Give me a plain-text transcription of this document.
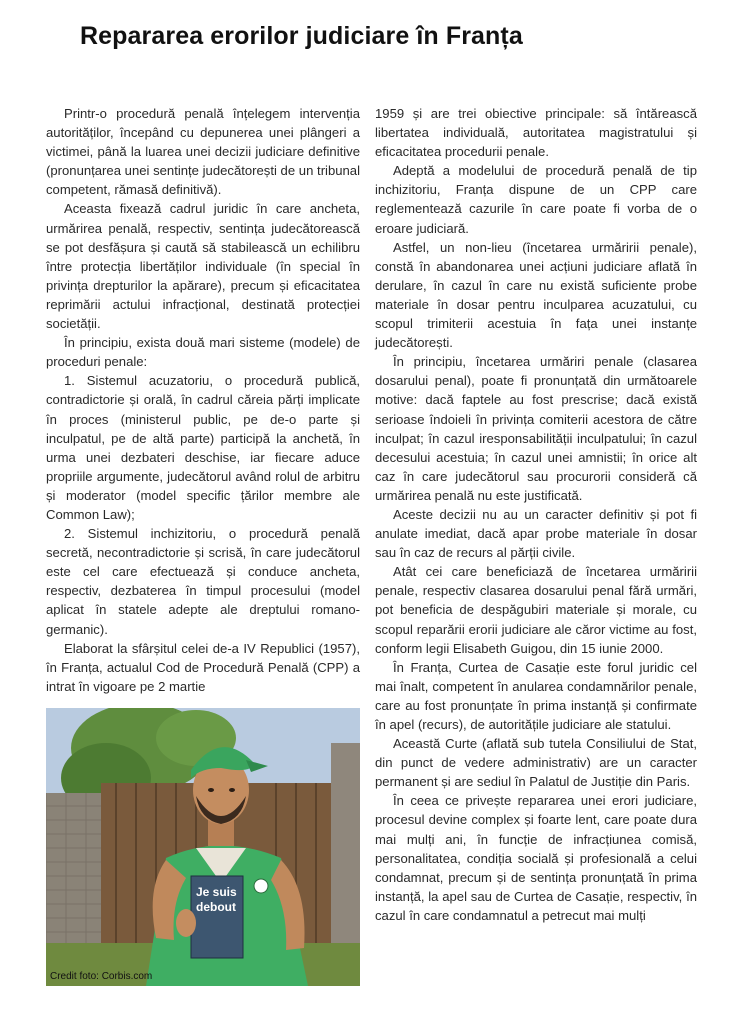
Repararea erorilor judiciare în Franța

Printr-o procedură penală înțelegem intervenția autorităților, începând cu depunerea unei plângeri a victimei, până la luarea unei decizii judiciare definitive (pronunțarea unei sentințe judecătorești de un tribunal competent, rămasă definitivă).

Aceasta fixează cadrul juridic în care ancheta, urmărirea penală, respectiv, sentința judecătorească se pot desfășura și caută să stabilească un echilibru între protecția libertăților individuale (în special în privința drepturilor la apărare), precum și eficacitatea reprimării actului infracțional, destinată protecției societății.

În principiu, exista două mari sisteme (modele) de proceduri penale:

1. Sistemul acuzatoriu, o procedură publică, contradictorie și orală, în cadrul căreia părți implicate în proces (ministerul public, pe de-o parte și inculpatul, pe de altă parte) participă la anchetă, în urma unei dezbateri deschise, iar fiecare aduce propriile argumente, judecătorul având rolul de arbitru și moderator (model specific țărilor membre ale Common Law);

2. Sistemul inchizitoriu, o procedură penală secretă, necontradictorie și scrisă, în care judecătorul este cel care efectuează și conduce ancheta, respectiv, dezbaterea în timpul procesului (model aplicat în statele adepte ale dreptului romano-germanic).

Elaborat la sfârșitul celei de-a IV Republici (1957), în Franța, actualul Cod de Procedură Penală (CPP) a intrat în vigoare pe 2 martie

1959 și are trei obiective principale: să întărească libertatea individuală, autoritatea magistratului și eficacitatea procedurii penale.

Adeptă a modelului de procedură penală de tip inchizitoriu, Franța dispune de un CPP care reglementează cazurile în care poate fi vorba de o eroare judiciară.

Astfel, un non-lieu (încetarea urmăririi penale), constă în abandonarea unei acțiuni judiciare aflată în derulare, în cazul în care nu există suficiente probe materiale în dosar pentru inculparea acuzatului, cu scopul trimiterii acestuia în fața unei instanțe judecătorești.

În principiu, încetarea urmăriri penale (clasarea dosarului penal), poate fi pronunțată din următoarele motive: dacă faptele au fost prescrise; dacă există serioase îndoieli în privința comiterii acestora de către inculpat; în cazul iresponsabilității inculpatului; în cazul decesului acestuia; în cazul unei amnistii; în orice alt caz în care judecătorul sau procurorii consideră că urmărirea penală nu este justificată.

Aceste decizii nu au un caracter definitiv și pot fi anulate imediat, dacă apar probe materiale în dosar sau în caz de recurs al părții civile.

Atât cei care beneficiază de încetarea urmăririi penale, respectiv clasarea dosarului penal fără urmări, pot beneficia de despăgubiri materiale și morale, cu scopul reparării erorii judiciare ale căror victime au fost, conform legii Elisabeth Guigou, din 15 iunie 2000.

În Franța, Curtea de Casație este forul juridic cel mai înalt, competent în anularea condamnărilor penale, care au fost pronunțate în prima instanță și confirmate în apel (recurs), de autoritățile judiciare ale statului.

Această Curte (aflată sub tutela Consiliului de Stat, din punct de vedere administrativ) are un caracter permanent și are sediul în Palatul de Justiție din Paris.

În ceea ce privește repararea unei erori judiciare, procesul devine complex și foarte lent, care poate dura mai mulți ani, în funcție de infracțiunea comisă, personalitatea, condiția socială și profesională a celui condamnat, precum și de sentința pronunțată în prima instanță, la apel sau de Curtea de Casație, respectiv, în cazul în care condamnatul a petrecut mai mulți

Je suis
debout
Credit foto: Corbis.com
